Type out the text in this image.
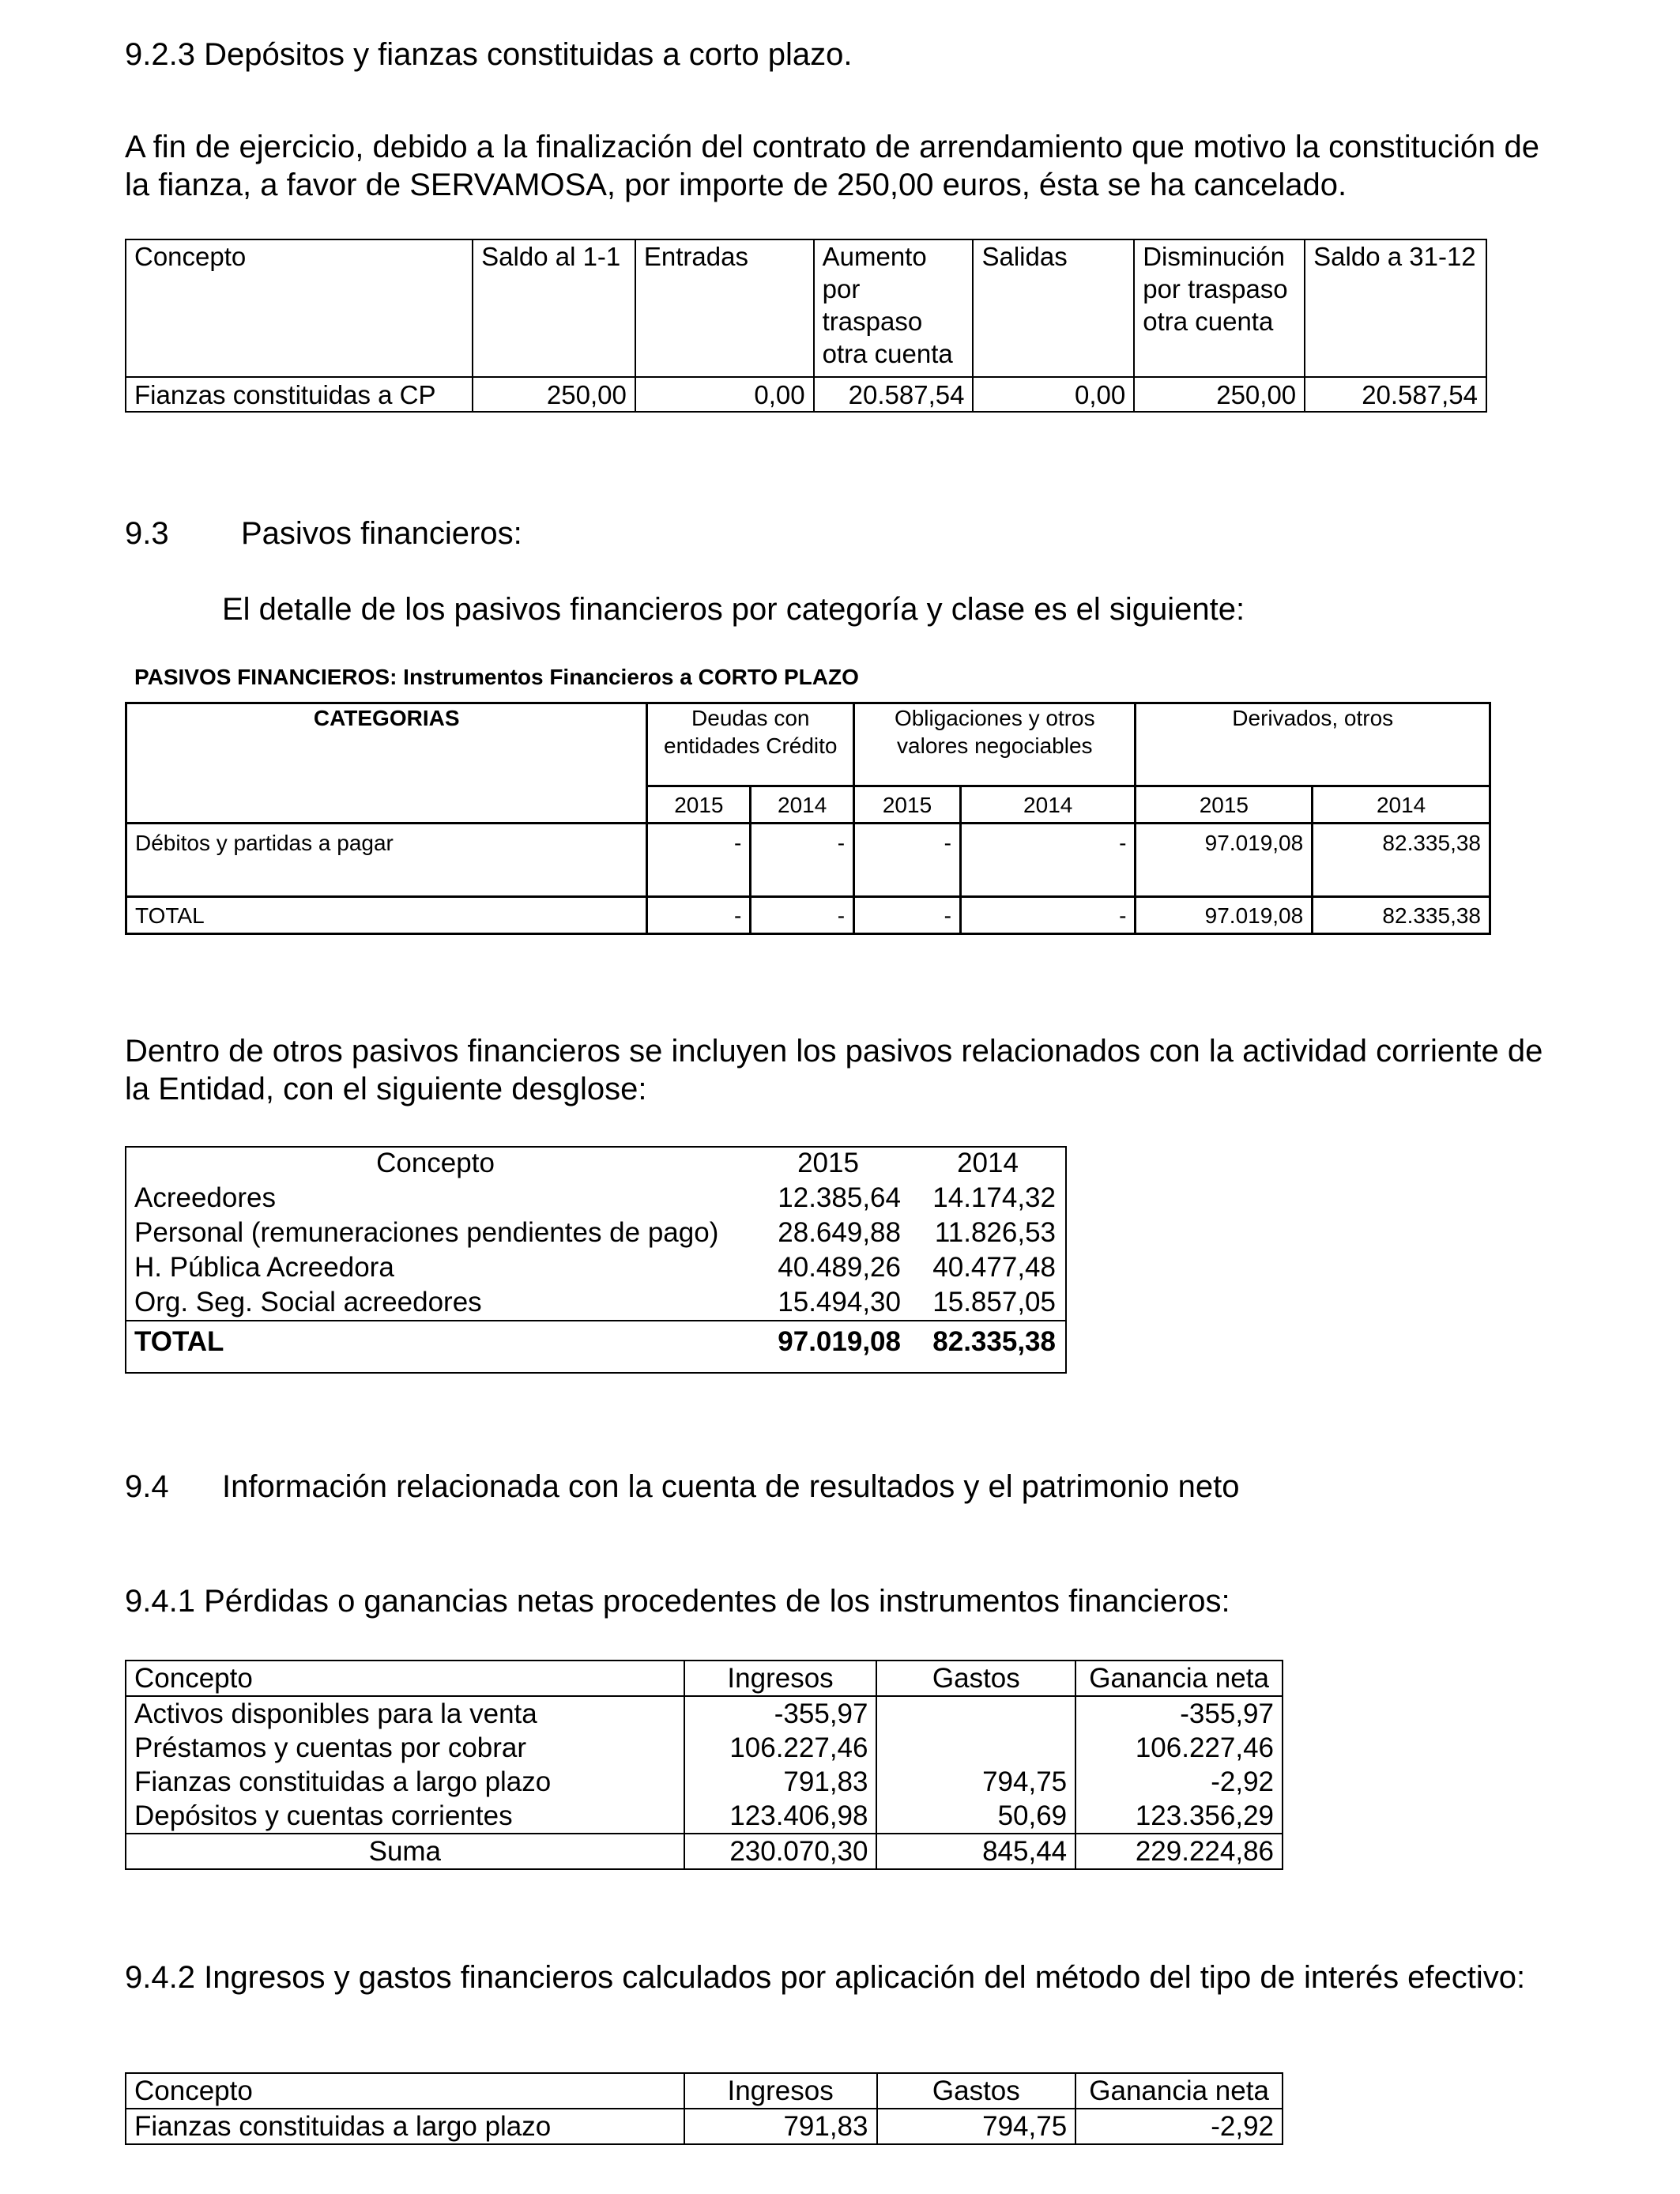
9.2.3 Depósitos y fianzas constituidas a corto plazo.
A fin de ejercicio, debido a la finalización del contrato de arrendamiento que motivo la constitución de la fianza, a favor de SERVAMOSA, por importe de 250,00 euros, ésta se ha cancelado.
Concepto	Saldo al 1-1	Entradas	Aumento por traspaso otra cuenta	Salidas	Disminución por traspaso otra cuenta	Saldo a 31-12
Fianzas constituidas a CP	250,00	0,00	20.587,54	0,00	250,00	20.587,54
9.3 Pasivos financieros:
El detalle de los pasivos financieros por categoría y clase es el siguiente:
PASIVOS FINANCIEROS: Instrumentos Financieros a CORTO PLAZO
CATEGORIAS	Deudas con entidades Crédito		Obligaciones y otros valores negociables		Derivados, otros	
	2015	2014	2015	2014	2015	2014
Débitos y partidas a pagar	-	-	-	-	97.019,08	82.335,38
TOTAL	-	-	-	-	97.019,08	82.335,38
Dentro de otros pasivos financieros se incluyen los pasivos relacionados con la actividad corriente de la Entidad, con el siguiente desglose:
Concepto	2015	2014
Acreedores	12.385,64	14.174,32
Personal (remuneraciones pendientes de pago)	28.649,88	11.826,53
H. Pública Acreedora	40.489,26	40.477,48
Org. Seg. Social acreedores	15.494,30	15.857,05
TOTAL	97.019,08	82.335,38
9.4 Información relacionada con la cuenta de resultados y el patrimonio neto
9.4.1 Pérdidas o ganancias netas procedentes de los instrumentos financieros:
Concepto	Ingresos	Gastos	Ganancia neta
Activos disponibles para la venta	-355,97		-355,97
Préstamos y cuentas por cobrar	106.227,46		106.227,46
Fianzas constituidas a largo plazo	791,83	794,75	-2,92
Depósitos y cuentas corrientes	123.406,98	50,69	123.356,29
Suma	230.070,30	845,44	229.224,86
9.4.2 Ingresos y gastos financieros calculados por aplicación del método del tipo de interés efectivo:
Concepto	Ingresos	Gastos	Ganancia neta
Fianzas constituidas a largo plazo	791,83	794,75	-2,92
